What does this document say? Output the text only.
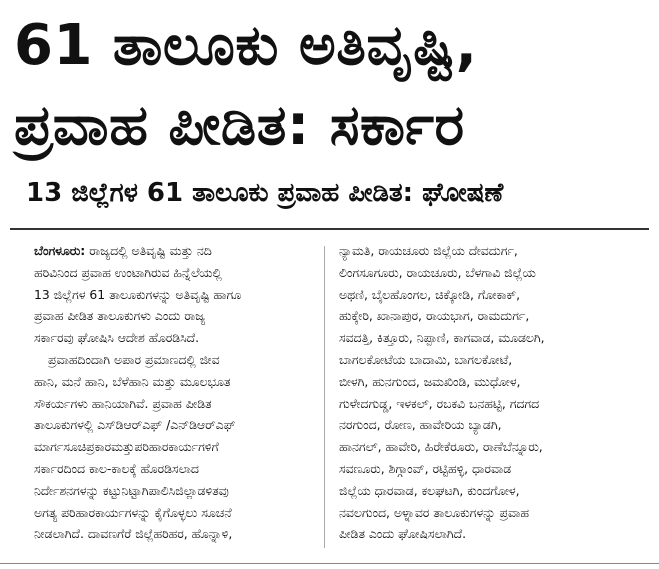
61 ತಾಲೂಕು ಅತಿವೃಷ್ಟಿ,
ಪ್ರವಾಹ ಪೀಡಿತ: ಸರ್ಕಾರ
13 ಜಿಲ್ಲೆಗಳ 61 ತಾಲೂಕು ಪ್ರವಾಹ ಪೀಡಿತ: ಘೋಷಣೆ
ಬೆಂಗಳೂರು: ರಾಜ್ಯದಲ್ಲಿ ಅತಿವೃಷ್ಟಿ ಮತ್ತು ನದಿ
ಹರಿವಿನಿಂದ ಪ್ರವಾಹ ಉಂಟಾಗಿರುವ ಹಿನ್ನೆಲೆಯಲ್ಲಿ
13 ಜಿಲ್ಲೆಗಳ 61 ತಾಲೂಕುಗಳನ್ನು ಅತಿವೃಷ್ಟಿ ಹಾಗೂ
ಪ್ರವಾಹ ಪೀಡಿತ ತಾಲೂಕುಗಳು ಎಂದು ರಾಜ್ಯ
ಸರ್ಕಾರವು ಘೋಷಿಸಿ ಆದೇಶ ಹೊರಡಿಸಿದೆ.
ಪ್ರವಾಹದಿಂದಾಗಿ ಅಪಾರ ಪ್ರಮಾಣದಲ್ಲಿ ಜೀವ
ಹಾನಿ, ಮನೆ ಹಾನಿ, ಬೆಳೆಹಾನಿ ಮತ್ತು ಮೂಲಭೂತ
ಸೌಕರ್ಯಗಳು ಹಾನಿಯಾಗಿವೆ. ಪ್ರವಾಹ ಪೀಡಿತ
ತಾಲೂಕುಗಳಲ್ಲಿ ಎಸ್‌ಡಿಆರ್‌ಎಫ್ /ಎನ್‌ಡಿಆರ್‌ಎಫ್
ಮಾರ್ಗಸೂಚಿಪ್ರಕಾರಮತ್ತುಪರಿಹಾರಕಾರ್ಯಗಳಿಗೆ
ಸರ್ಕಾರದಿಂದ ಕಾಲ-ಕಾಲಕ್ಕೆ ಹೊರಡಿಸಲಾದ
ನಿರ್ದೇಶನಗಳನ್ನು ಕಟ್ಟುನಿಟ್ಟಾಗಿಪಾಲಿಸಿಜಿಲ್ಲಾಡಳಿತವು
ಅಗತ್ಯ ಪರಿಹಾರಕಾರ್ಯಗಳನ್ನು ಕೈಗೊಳ್ಳಲು ಸೂಚನೆ
ನೀಡಲಾಗಿದೆ. ದಾವಣಗೆರೆ ಜಿಲ್ಲೆಹರಿಹರ, ಹೊನ್ನಾಳಿ,
ನ್ಯಾಮತಿ, ರಾಯಚೂರು ಜಿಲ್ಲೆಯ ದೇವದುರ್ಗ,
ಲಿಂಗಸೂಗೂರು, ರಾಯಚೂರು, ಬೆಳಗಾವಿ ಜಿಲ್ಲೆಯ
ಅಥಣಿ, ಬೈಲಹೊಂಗಲ, ಚಿಕ್ಕೋಡಿ, ಗೋಕಾಕ್,
ಹುಕ್ಕೇರಿ, ಖಾನಾಪುರ, ರಾಯಭಾಗ, ರಾಮದುರ್ಗ,
ಸವದತ್ತಿ, ಕಿತ್ತೂರು, ನಿಪ್ಪಾಣಿ, ಕಾಗವಾಡ, ಮೂಡಲಗಿ,
ಬಾಗಲಕೋಟೆಯ ಬಾದಾಮಿ, ಬಾಗಲಕೋಟೆ,
ಬೀಳಗಿ, ಹುನಗುಂದ, ಜಮಖಿಂಡಿ, ಮುಧೋಳ,
ಗುಳೇದಗುಡ್ಡ, ಇಳಕಲ್, ರಬಕವಿ ಬನಹಟ್ಟಿ, ಗದಗದ
ನರಗುಂದ, ರೋಣ, ಹಾವೇರಿಯ ಬ್ಯಾಡಗಿ,
ಹಾನಗಲ್, ಹಾವೇರಿ, ಹಿರೇಕೆರೂರು, ರಾಣೆಬೆನ್ನೂರು,
ಸವಣೂರು, ಶಿಗ್ಗಾಂವ್, ರಟ್ಟಿಹಳ್ಳಿ, ಧಾರವಾಡ
ಜಿಲ್ಲೆಯ ಧಾರವಾಡ, ಕಲಘಟಗಿ, ಕುಂದಗೋಳ,
ನವಲಗುಂದ, ಅಳ್ನಾವರ ತಾಲೂಕುಗಳನ್ನು ಪ್ರವಾಹ
ಪೀಡಿತ ಎಂದು ಘೋಷಿಸಲಾಗಿದೆ.
